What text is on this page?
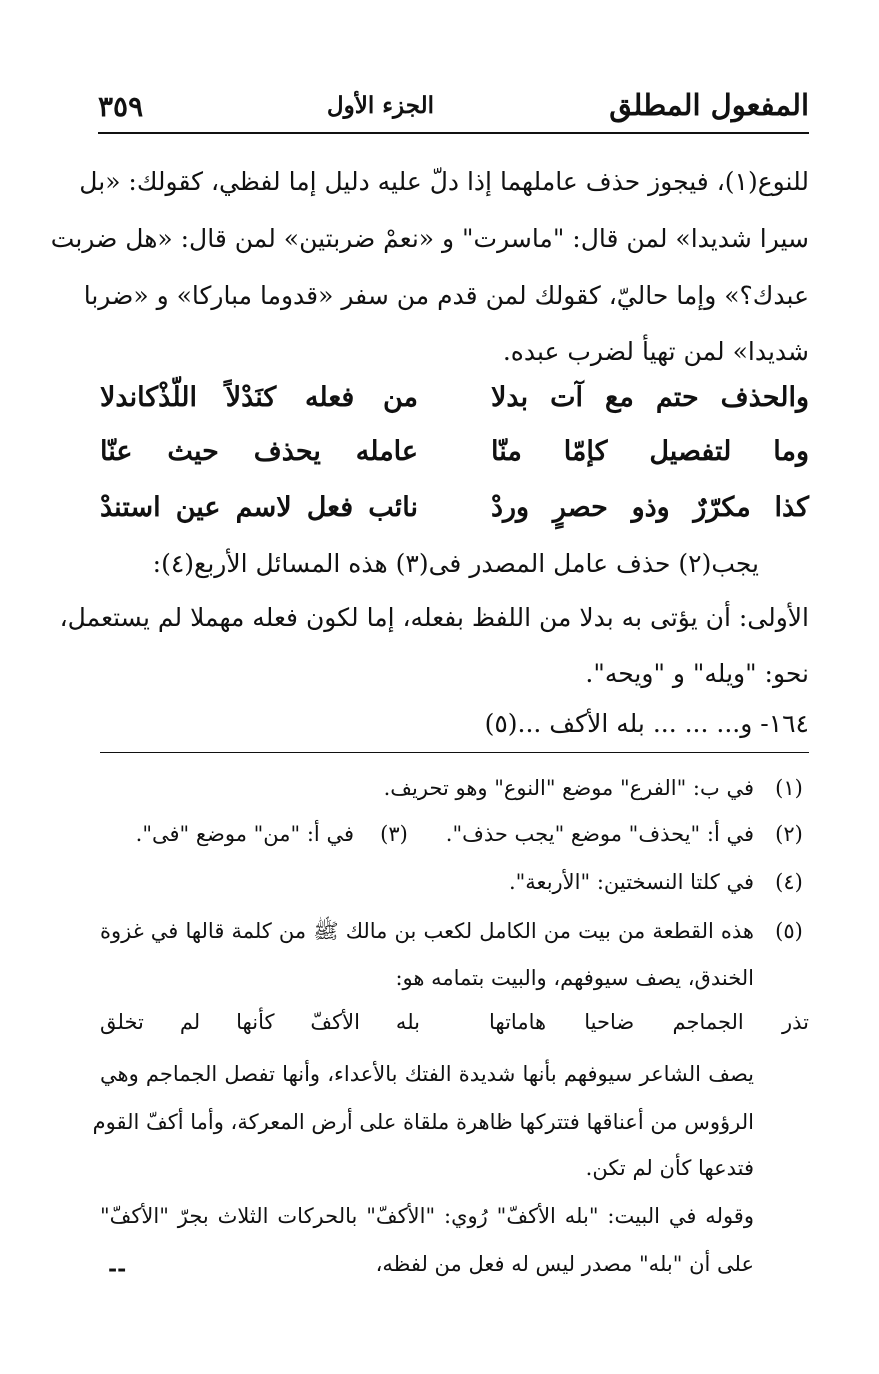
المفعول المطلق
الجزء الأول
٣٥٩
للنوع(١)، فيجوز حذف عاملهما إذا دلّ عليه دليل إما لفظي، كقولك: «بل
سيرا شديدا» لمن قال: "ماسرت" و «نعمْ ضربتين» لمن قال: «هل ضربت
عبدك؟» وإما حاليّ، كقولك لمن قدم من سفر «قدوما مباركا» و «ضربا
شديدا» لمن تهيأ لضرب عبده.
والحذف حتم مع آت بدلا
من فعله كنَدْلاً اللّذْكاندلا
وما لتفصيل كإمّا منّا
عامله يحذف حيث عنّا
كذا مكرّرٌ وذو حصرٍ وردْ
نائب فعل لاسم عين استندْ
يجب(٢) حذف عامل المصدر فى(٣) هذه المسائل الأربع(٤):
الأولى: أن يؤتى به بدلا من اللفظ بفعله، إما لكون فعله مهملا لم يستعمل،
نحو: "ويله" و "ويحه".
١٦٤- و... ... ... بله الأكف ...(٥)
(١)
في ب: "الفرع" موضع "النوع" وهو تحريف.
(٢)
في أ: "يحذف" موضع "يجب حذف".
(٣)
في أ: "من" موضع "فى".
(٤)
في كلتا النسختين: "الأربعة".
(٥)
هذه القطعة من بيت من الكامل لكعب بن مالك ﷺ من كلمة قالها في غزوة
الخندق، يصف سيوفهم، والبيت بتمامه هو:
تذر الجماجم ضاحيا هاماتها
بله الأكفّ كأنها لم تخلق
يصف الشاعر سيوفهم بأنها شديدة الفتك بالأعداء، وأنها تفصل الجماجم وهي
الرؤوس من أعناقها فتتركها ظاهرة ملقاة على أرض المعركة، وأما أكفّ القوم
فتدعها كأن لم تكن.
وقوله في البيت: "بله الأكفّ" رُوي: "الأكفّ" بالحركات الثلاث بجرّ "الأكفّ"
على أن "بله" مصدر ليس له فعل من لفظه،
--
